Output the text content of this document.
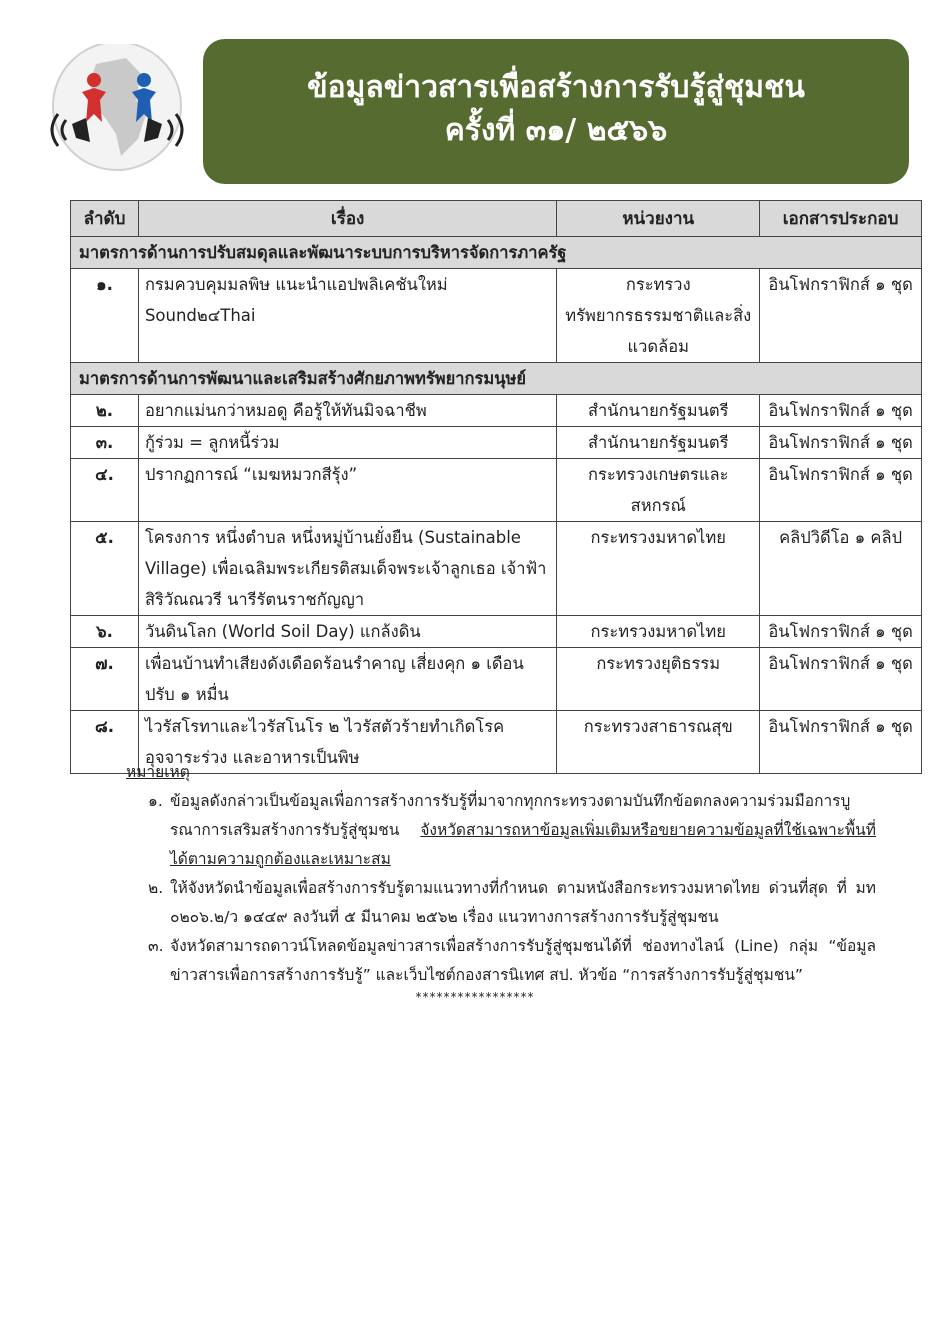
ข้อมูลข่าวสารเพื่อสร้างการรับรู้สู่ชุมชน
ครั้งที่ ๓๑/ ๒๕๖๖
ลำดับ	เรื่อง	หน่วยงาน	เอกสารประกอบ
มาตรการด้านการปรับสมดุลและพัฒนาระบบการบริหารจัดการภาครัฐ			
๑.	กรมควบคุมมลพิษ แนะนำแอปพลิเคชันใหม่ Sound๒๔Thai	กระทรวงทรัพยากรธรรมชาติและสิ่งแวดล้อม	อินโฟกราฟิกส์ ๑ ชุด
มาตรการด้านการพัฒนาและเสริมสร้างศักยภาพทรัพยากรมนุษย์			
๒.	อยากแม่นกว่าหมอดู คือรู้ให้ทันมิจฉาชีพ	สำนักนายกรัฐมนตรี	อินโฟกราฟิกส์ ๑ ชุด
๓.	กู้ร่วม = ลูกหนี้ร่วม	สำนักนายกรัฐมนตรี	อินโฟกราฟิกส์ ๑ ชุด
๔.	ปรากฏการณ์ “เมฆหมวกสีรุ้ง”	กระทรวงเกษตรและสหกรณ์	อินโฟกราฟิกส์ ๑ ชุด
๕.	โครงการ หนึ่งตำบล หนึ่งหมู่บ้านยั่งยืน (Sustainable Village) เพื่อเฉลิมพระเกียรติสมเด็จพระเจ้าลูกเธอ เจ้าฟ้าสิริวัณณวรี นารีรัตนราชกัญญา	กระทรวงมหาดไทย	คลิปวิดีโอ ๑ คลิป
๖.	วันดินโลก (World Soil Day) แกล้งดิน	กระทรวงมหาดไทย	อินโฟกราฟิกส์ ๑ ชุด
๗.	เพื่อนบ้านทำเสียงดังเดือดร้อนรำคาญ เสี่ยงคุก ๑ เดือน ปรับ ๑ หมื่น	กระทรวงยุติธรรม	อินโฟกราฟิกส์ ๑ ชุด
๘.	ไวรัสโรทาและไวรัสโนโร ๒ ไวรัสตัวร้ายทำเกิดโรคอุจจาระร่วง และอาหารเป็นพิษ	กระทรวงสาธารณสุข	อินโฟกราฟิกส์ ๑ ชุด
หมายเหตุ
๑. ข้อมูลดังกล่าวเป็นข้อมูลเพื่อการสร้างการรับรู้ที่มาจากทุกกระทรวงตามบันทึกข้อตกลงความร่วมมือการบูรณาการเสริมสร้างการรับรู้สู่ชุมชน จังหวัดสามารถหาข้อมูลเพิ่มเติมหรือขยายความข้อมูลที่ใช้เฉพาะพื้นที่ได้ตามความถูกต้องและเหมาะสม
๒. ให้จังหวัดนำข้อมูลเพื่อสร้างการรับรู้ตามแนวทางที่กำหนด ตามหนังสือกระทรวงมหาดไทย ด่วนที่สุด ที่ มท ๐๒๐๖.๒/ว ๑๔๔๙ ลงวันที่ ๕ มีนาคม ๒๕๖๒ เรื่อง แนวทางการสร้างการรับรู้สู่ชุมชน
๓. จังหวัดสามารถดาวน์โหลดข้อมูลข่าวสารเพื่อสร้างการรับรู้สู่ชุมชนได้ที่ ช่องทางไลน์ (Line) กลุ่ม “ข้อมูลข่าวสารเพื่อการสร้างการรับรู้” และเว็บไซต์กองสารนิเทศ สป. หัวข้อ “การสร้างการรับรู้สู่ชุมชน”
*****************
